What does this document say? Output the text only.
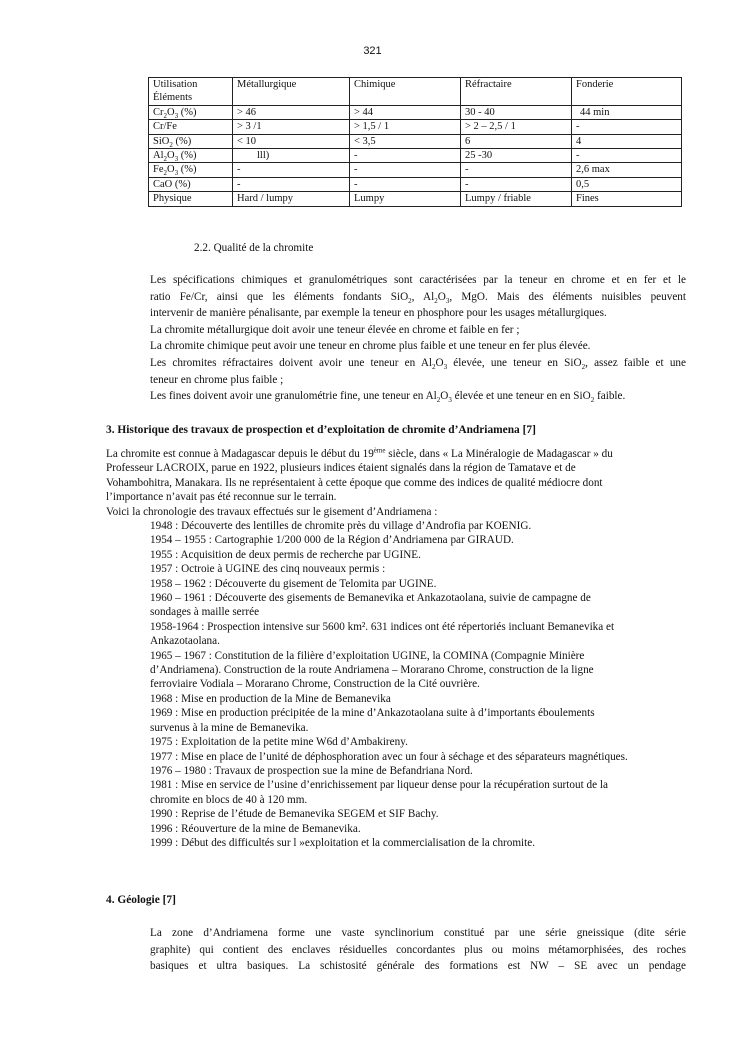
321
Utilisation	Métallurgique	Chimique	Réfractaire	Fonderie
Éléments				
$Cr_2O_3$ (%)	> 46	> 44	30 - 40	44 min
Cr/Fe	> 3 /1	> 1,5 / 1	> 2 – 2,5 / 1	-
SiO$_2$ (%)	< 10	< 3,5	6	4
$Al_2O_3$ (%)	lll)	-	25 -30	-
$Fe_2O_3$ (%)	-	-	-	2,6 max
CaO (%)	-	-	-	0,5
Physique	Hard / lumpy	Lumpy	Lumpy / friable	Fines
2.2. Qualité de la chromite
Les spécifications chimiques et granulométriques sont caractérisées par la teneur en chrome et en fer et le
ratio Fe/Cr, ainsi que les éléments fondants SiO$_2$, $Al_2O_3$, MgO. Mais des éléments nuisibles peuvent
intervenir de manière pénalisante, par exemple la teneur en phosphore pour les usages métallurgiques.
La chromite métallurgique doit avoir une teneur élevée en chrome et faible en fer ;
La chromite chimique peut avoir une teneur en chrome plus faible et une teneur en fer plus élevée.
Les chromites réfractaires doivent avoir une teneur en $Al_2O_3$ élevée, une teneur en SiO$_2$, assez faible et une
teneur en chrome plus faible ;
Les fines doivent avoir une granulométrie fine, une teneur en $Al_2O_3$ élevée et une teneur en en SiO$_2$ faible.
3. Historique des travaux de prospection et d’exploitation de chromite d’Andriamena [7]
La chromite est connue à Madagascar depuis le début du 19ème siècle, dans « La Minéralogie de Madagascar » du
Professeur LACROIX, parue en 1922, plusieurs indices étaient signalés dans la région de Tamatave et de
Vohambohitra, Manakara. Ils ne représentaient à cette époque que comme des indices de qualité médiocre dont
l’importance n’avait pas été reconnue sur le terrain.
Voici la chronologie des travaux effectués sur le gisement d’Andriamena :
1948 : Découverte des lentilles de chromite près du village d’Androfia par KOENIG.
1954 – 1955 : Cartographie 1/200 000 de la Région d’Andriamena par GIRAUD.
1955 : Acquisition de deux permis de recherche par UGINE.
1957 : Octroie à UGINE des cinq nouveaux permis :
1958 – 1962 : Découverte du gisement de Telomita par UGINE.
1960 – 1961 : Découverte des gisements de Bemanevika et Ankazotaolana, suivie de campagne de
sondages à maille serrée
1958-1964 : Prospection intensive sur 5600 km². 631 indices ont été répertoriés incluant Bemanevika et
Ankazotaolana.
1965 – 1967 : Constitution de la filière d’exploitation UGINE, la COMINA (Compagnie Minière
d’Andriamena). Construction de la route Andriamena – Morarano Chrome, construction de la ligne
ferroviaire Vodiala – Morarano Chrome, Construction de la Cité ouvrière.
1968 : Mise en production de la Mine de Bemanevika
1969 : Mise en production précipitée de la mine d’Ankazotaolana suite à d’importants éboulements
survenus à la mine de Bemanevika.
1975 : Exploitation de la petite mine W6d d’Ambakireny.
1977 : Mise en place de l’unité de déphosphoration avec un four à séchage et des séparateurs magnétiques.
1976 – 1980 : Travaux de prospection sue la mine de Befandriana Nord.
1981 : Mise en service de l’usine d’enrichissement par liqueur dense pour la récupération surtout de la
chromite en blocs de 40 à 120 mm.
1990 : Reprise de l’étude de Bemanevika SEGEM et SIF Bachy.
1996 : Réouverture de la mine de Bemanevika.
1999 : Début des difficultés sur l »exploitation et la commercialisation de la chromite.
4. Géologie [7]
La zone d’Andriamena forme une vaste synclinorium constitué par une série gneissique (dite série
graphite) qui contient des enclaves résiduelles concordantes plus ou moins métamorphisées, des roches
basiques et ultra basiques. La schistosité générale des formations est NW – SE avec un pendage
